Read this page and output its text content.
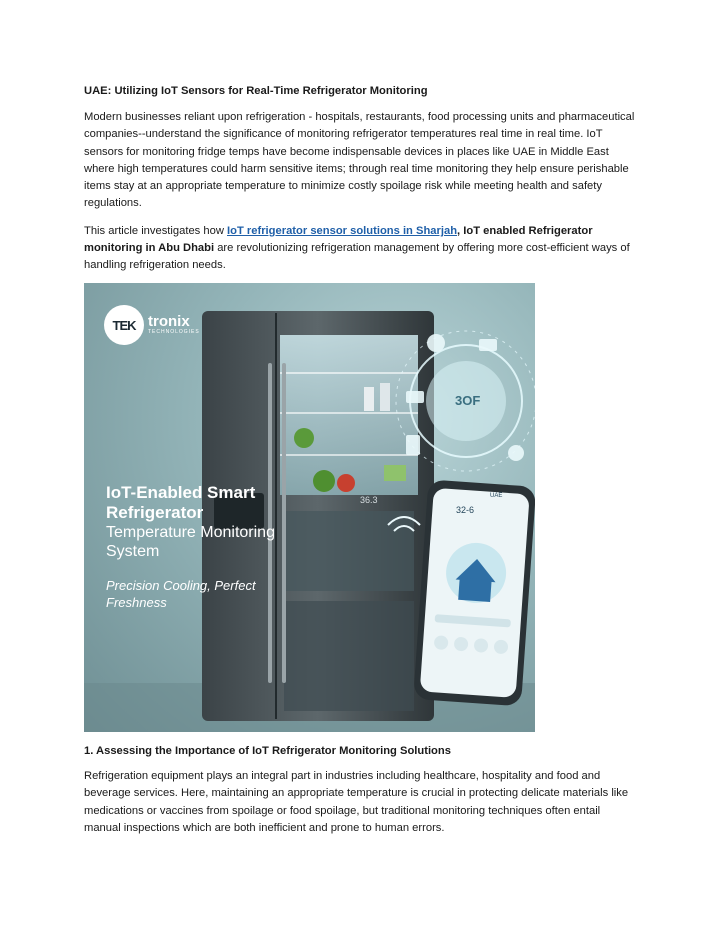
UAE: Utilizing IoT Sensors for Real-Time Refrigerator Monitoring

Modern businesses reliant upon refrigeration - hospitals, restaurants, food processing units and pharmaceutical companies--understand the significance of monitoring refrigerator temperatures real time in real time. IoT sensors for monitoring fridge temps have become indispensable devices in places like UAE in Middle East where high temperatures could harm sensitive items; through real time monitoring they help ensure perishable items stay at an appropriate temperature to minimize costly spoilage risk while meeting health and safety regulations.

This article investigates how IoT refrigerator sensor solutions in Sharjah, IoT enabled Refrigerator monitoring in Abu Dhabi are revolutionizing refrigeration management by offering more cost-efficient ways of handling refrigeration needs.

TEK tronix
TECHNOLOGIES
36.3
3OF
UAE
32-6
IoT-Enabled Smart
Refrigerator
Temperature Monitoring
System
Precision Cooling, Perfect
Freshness

1. Assessing the Importance of IoT Refrigerator Monitoring Solutions

Refrigeration equipment plays an integral part in industries including healthcare, hospitality and food and beverage services. Here, maintaining an appropriate temperature is crucial in protecting delicate materials like medications or vaccines from spoilage or food spoilage, but traditional monitoring techniques often entail manual inspections which are both inefficient and prone to human errors.
